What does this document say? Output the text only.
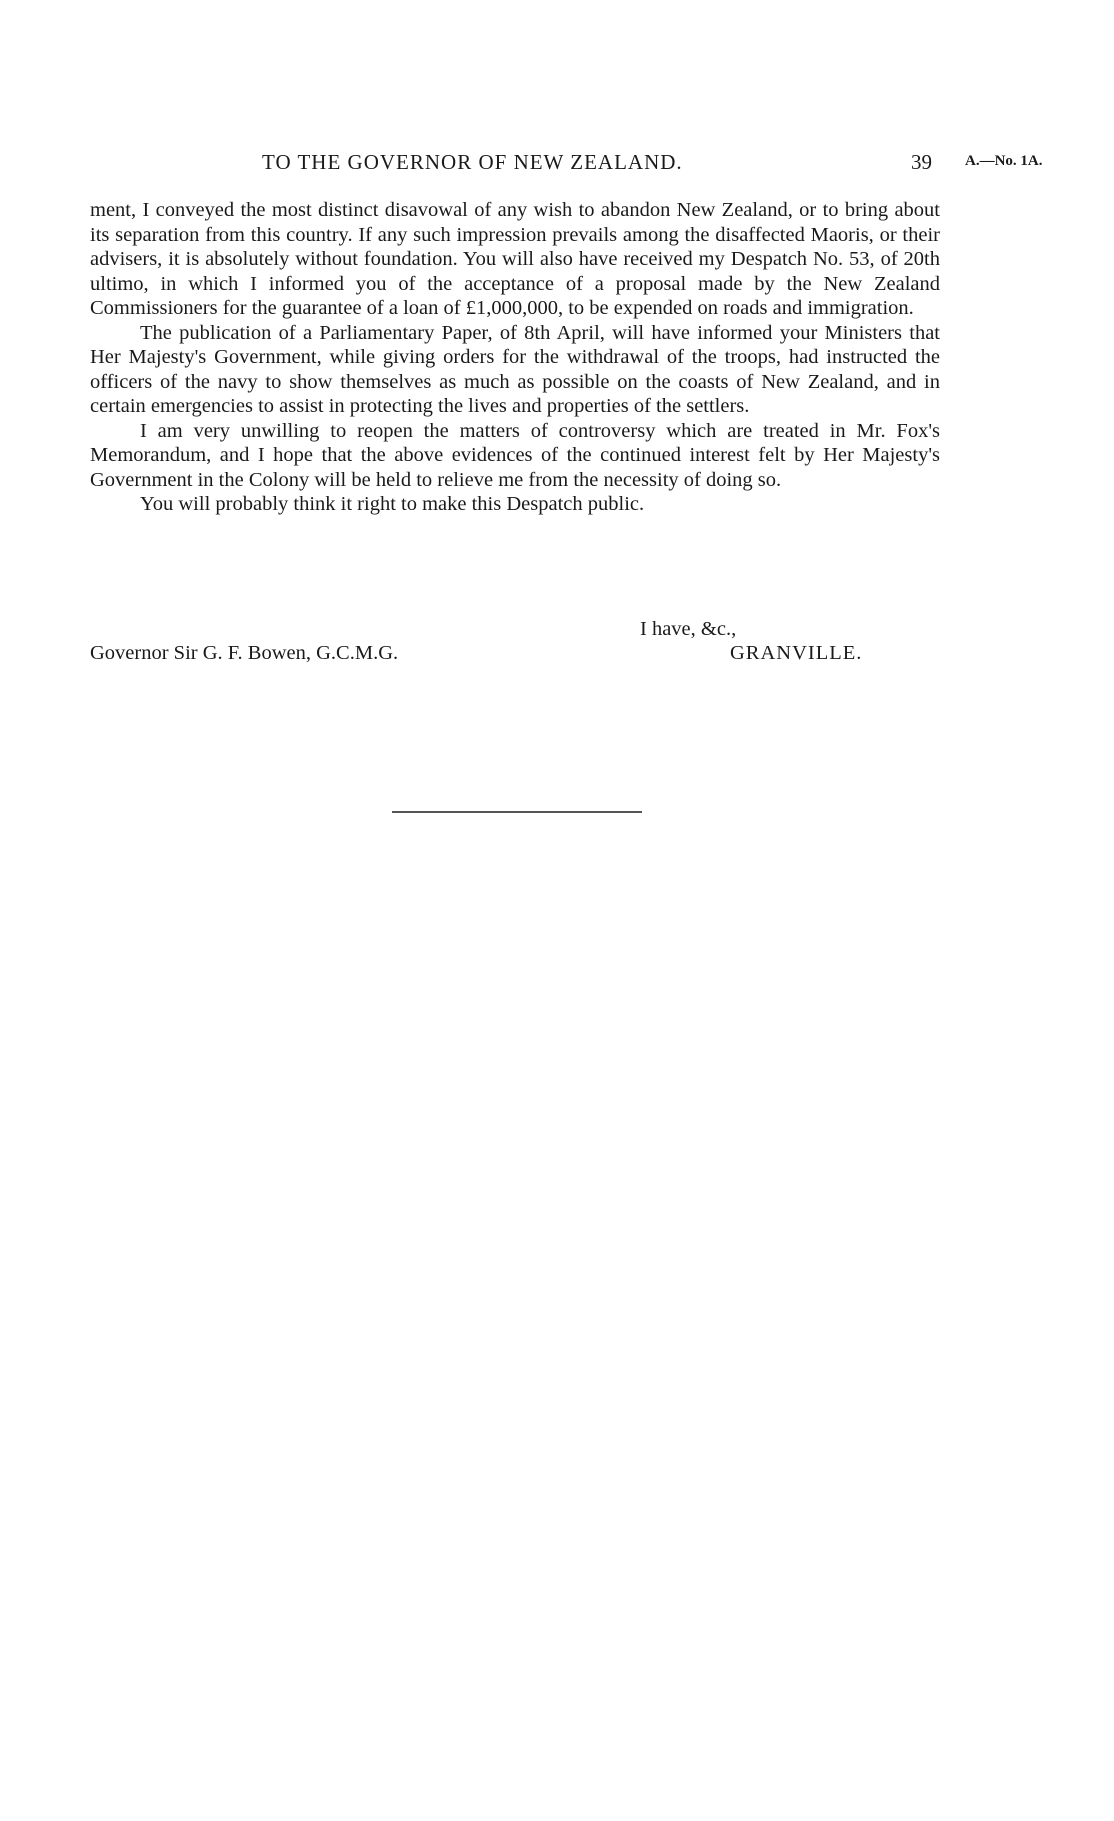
TO THE GOVERNOR OF NEW ZEALAND.	39 A.—No. 1A.

ment, I conveyed the most distinct disavowal of any wish to abandon New Zealand, or to bring about its separation from this country. If any such impression prevails among the disaffected Maoris, or their advisers, it is absolutely without foundation. You will also have received my Despatch No. 53, of 20th ultimo, in which I informed you of the acceptance of a proposal made by the New Zealand Commissioners for the guarantee of a loan of £1,000,000, to be expended on roads and immigration.

The publication of a Parliamentary Paper, of 8th April, will have informed your Ministers that Her Majesty's Government, while giving orders for the withdrawal of the troops, had instructed the officers of the navy to show themselves as much as possible on the coasts of New Zealand, and in certain emergencies to assist in protecting the lives and properties of the settlers.

I am very unwilling to reopen the matters of controversy which are treated in Mr. Fox's Memorandum, and I hope that the above evidences of the continued interest felt by Her Majesty's Government in the Colony will be held to relieve me from the necessity of doing so.

You will probably think it right to make this Despatch public.

I have, &c.,
Governor Sir G. F. Bowen, G.C.M.G.	GRANVILLE.
